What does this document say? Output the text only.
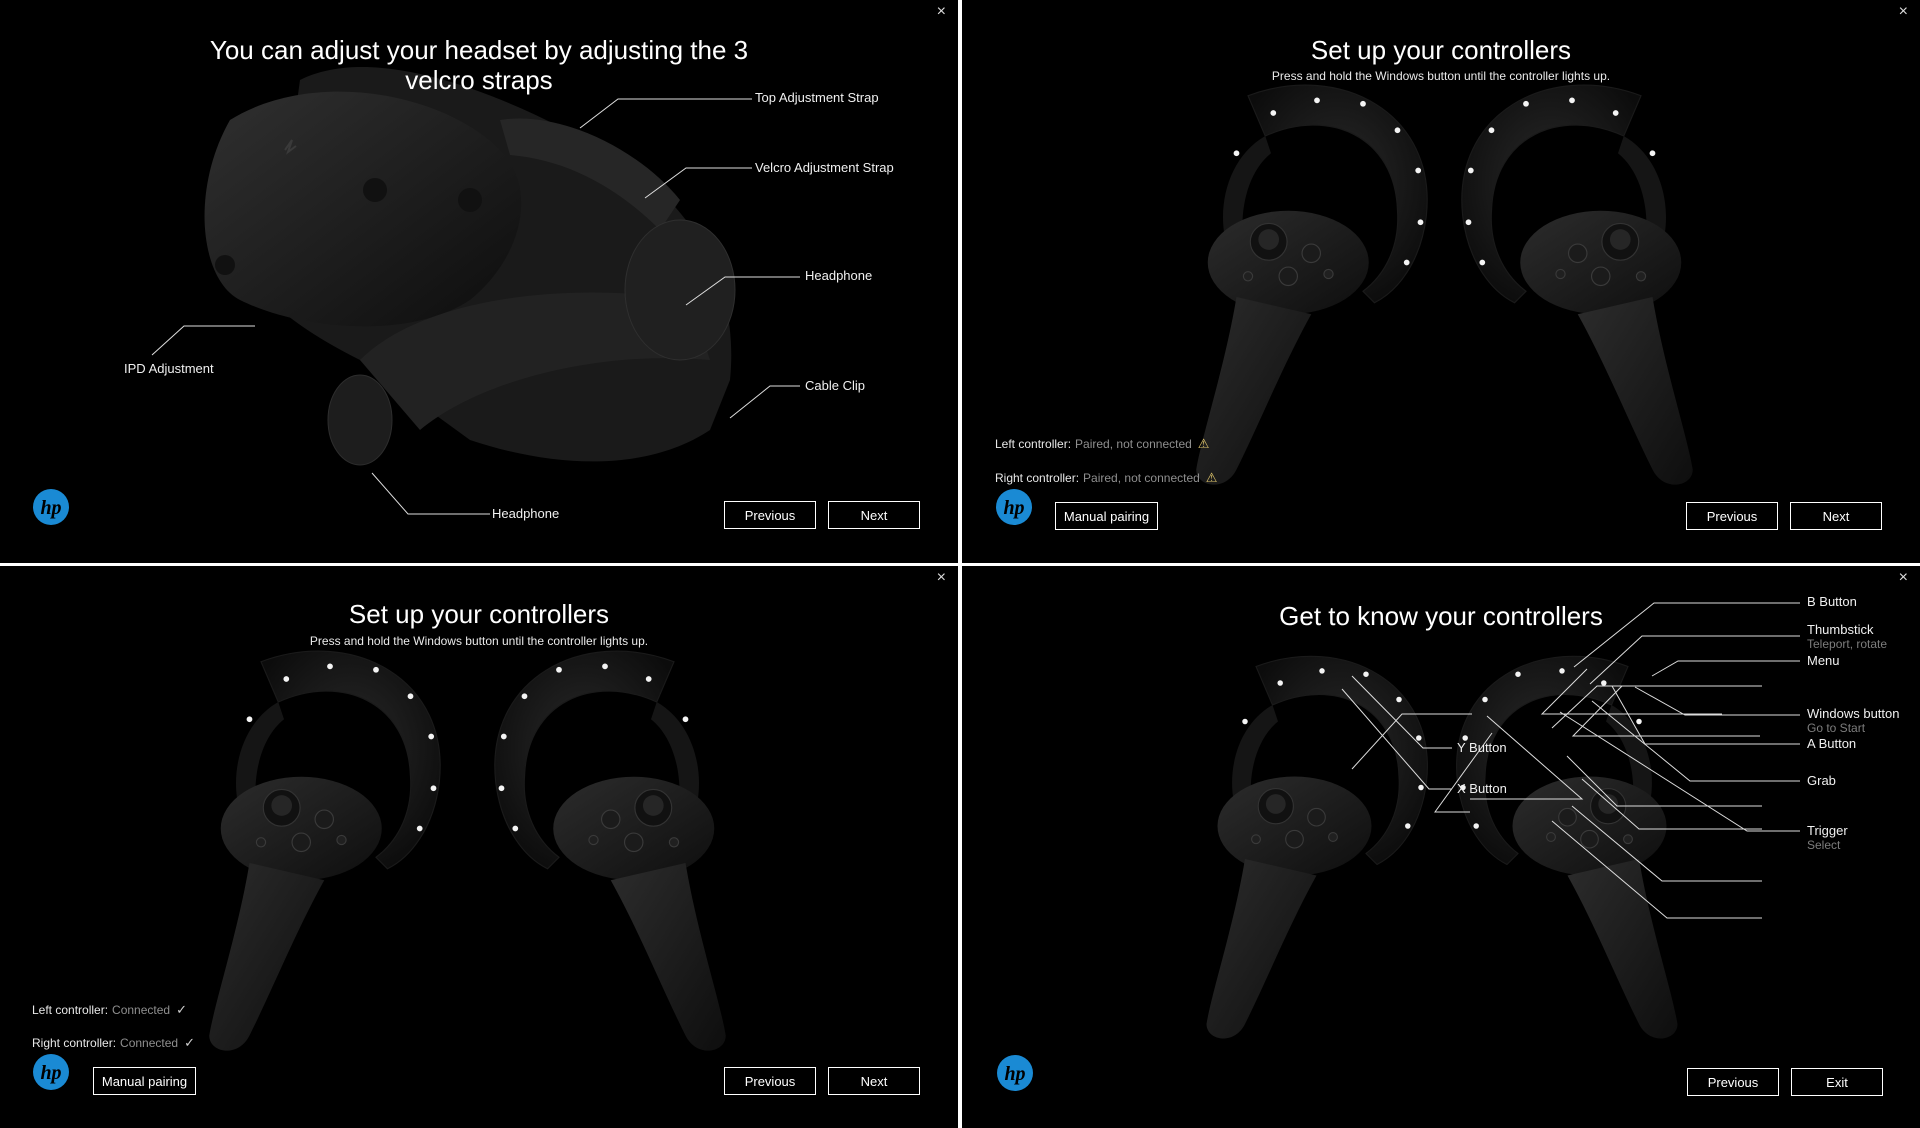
×
You can adjust your headset by adjusting the 3 velcro straps
Top Adjustment Strap
Velcro Adjustment Strap
Headphone
IPD Adjustment
Cable Clip
Headphone	Previous	Next
×
Set up your controllers
Press and hold the Windows button until the controller lights up.
Left controller: Paired, not connected ⚠
Right controller: Paired, not connected ⚠
Manual pairing	Previous	Next
×
Set up your controllers
Press and hold the Windows button until the controller lights up.
Left controller: Connected ✓
Right controller: Connected ✓
Manual pairing	Previous	Next
×
Get to know your controllers	B Button
Thumbstick
Teleport, rotate
Menu
Windows button
Go to Start
A Button
Grab
Trigger
Select
Y Button
X Button
Previous	Exit
